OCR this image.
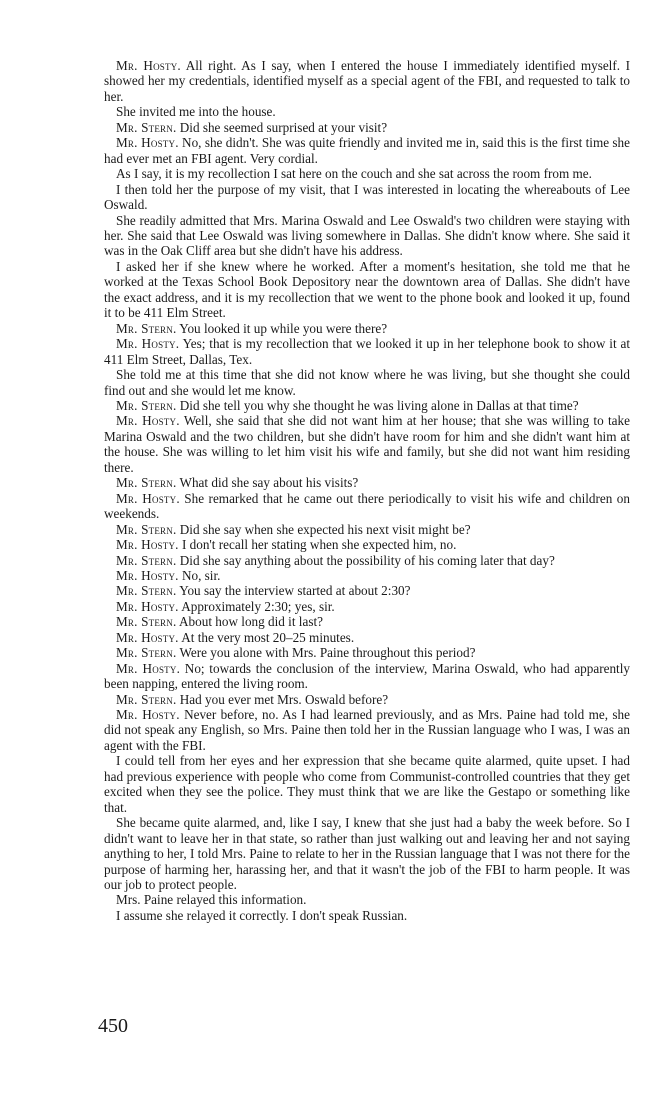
Mr. Hosty. All right. As I say, when I entered the house I immediately identified myself. I showed her my credentials, identified myself as a special agent of the FBI, and requested to talk to her.

She invited me into the house.

Mr. Stern. Did she seemed surprised at your visit?

Mr. Hosty. No, she didn't. She was quite friendly and invited me in, said this is the first time she had ever met an FBI agent. Very cordial.

As I say, it is my recollection I sat here on the couch and she sat across the room from me.

I then told her the purpose of my visit, that I was interested in locating the whereabouts of Lee Oswald.

She readily admitted that Mrs. Marina Oswald and Lee Oswald's two children were staying with her. She said that Lee Oswald was living somewhere in Dallas. She didn't know where. She said it was in the Oak Cliff area but she didn't have his address.

I asked her if she knew where he worked. After a moment's hesitation, she told me that he worked at the Texas School Book Depository near the downtown area of Dallas. She didn't have the exact address, and it is my recollection that we went to the phone book and looked it up, found it to be 411 Elm Street.

Mr. Stern. You looked it up while you were there?

Mr. Hosty. Yes; that is my recollection that we looked it up in her telephone book to show it at 411 Elm Street, Dallas, Tex.

She told me at this time that she did not know where he was living, but she thought she could find out and she would let me know.

Mr. Stern. Did she tell you why she thought he was living alone in Dallas at that time?

Mr. Hosty. Well, she said that she did not want him at her house; that she was willing to take Marina Oswald and the two children, but she didn't have room for him and she didn't want him at the house. She was willing to let him visit his wife and family, but she did not want him residing there.

Mr. Stern. What did she say about his visits?

Mr. Hosty. She remarked that he came out there periodically to visit his wife and children on weekends.

Mr. Stern. Did she say when she expected his next visit might be?

Mr. Hosty. I don't recall her stating when she expected him, no.

Mr. Stern. Did she say anything about the possibility of his coming later that day?

Mr. Hosty. No, sir.

Mr. Stern. You say the interview started at about 2:30?

Mr. Hosty. Approximately 2:30; yes, sir.

Mr. Stern. About how long did it last?

Mr. Hosty. At the very most 20–25 minutes.

Mr. Stern. Were you alone with Mrs. Paine throughout this period?

Mr. Hosty. No; towards the conclusion of the interview, Marina Oswald, who had apparently been napping, entered the living room.

Mr. Stern. Had you ever met Mrs. Oswald before?

Mr. Hosty. Never before, no. As I had learned previously, and as Mrs. Paine had told me, she did not speak any English, so Mrs. Paine then told her in the Russian language who I was, I was an agent with the FBI.

I could tell from her eyes and her expression that she became quite alarmed, quite upset. I had had previous experience with people who come from Communist-controlled countries that they get excited when they see the police. They must think that we are like the Gestapo or something like that.

She became quite alarmed, and, like I say, I knew that she just had a baby the week before. So I didn't want to leave her in that state, so rather than just walking out and leaving her and not saying anything to her, I told Mrs. Paine to relate to her in the Russian language that I was not there for the purpose of harming her, harassing her, and that it wasn't the job of the FBI to harm people. It was our job to protect people.

Mrs. Paine relayed this information.

I assume she relayed it correctly. I don't speak Russian.

450
